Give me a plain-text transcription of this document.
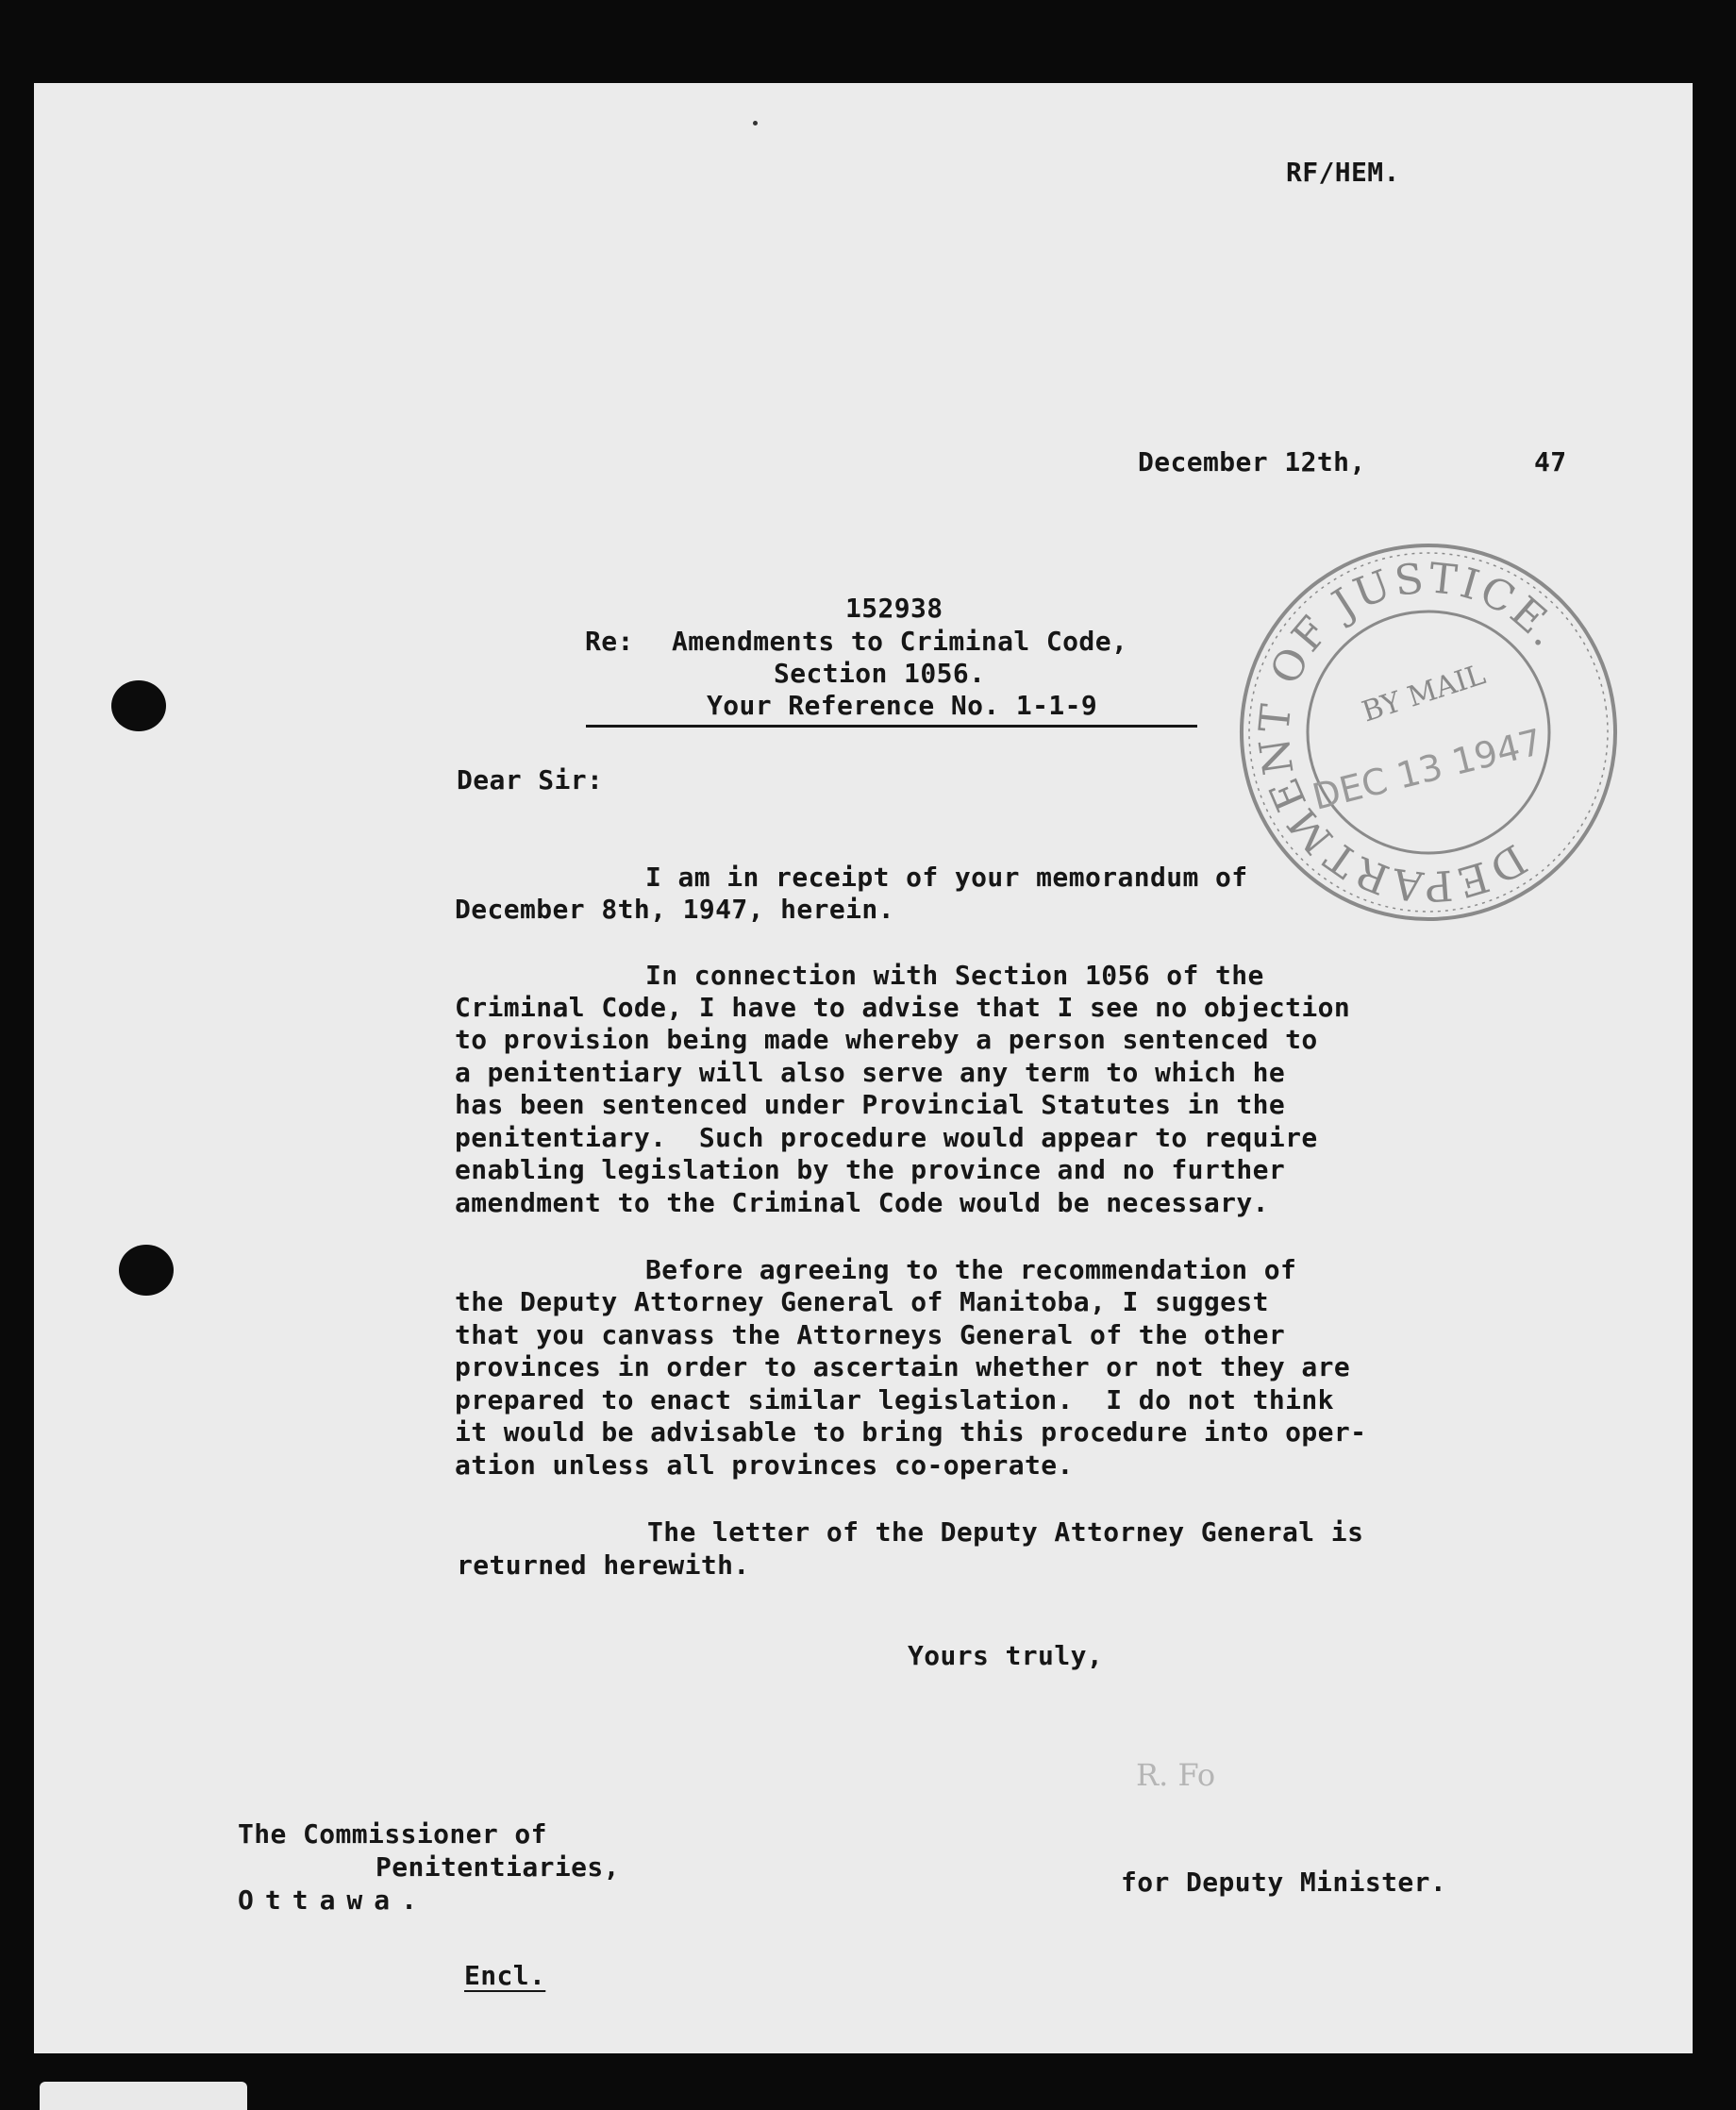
RF/HEM.
December 12th,	47
152938
Re: Amendments to Criminal Code,
Section 1056.
Your Reference No. 1-1-9
Dear Sir:
I am in receipt of your memorandum of
December 8th, 1947, herein.
In connection with Section 1056 of the
Criminal Code, I have to advise that I see no objection
to provision being made whereby a person sentenced to
a penitentiary will also serve any term to which he
has been sentenced under Provincial Statutes in the
penitentiary.  Such procedure would appear to require
enabling legislation by the province and no further
amendment to the Criminal Code would be necessary.
Before agreeing to the recommendation of
the Deputy Attorney General of Manitoba, I suggest
that you canvass the Attorneys General of the other
provinces in order to ascertain whether or not they are
prepared to enact similar legislation.  I do not think
it would be advisable to bring this procedure into oper-
ation unless all provinces co-operate.
The letter of the Deputy Attorney General is
returned herewith.
Yours truly,
R. Fo
The Commissioner of
Penitentiaries,
Ottawa.
for Deputy Minister.
Encl.
DEPARTMENT OF JUSTICE.
BY MAIL
DEC 13 1947
